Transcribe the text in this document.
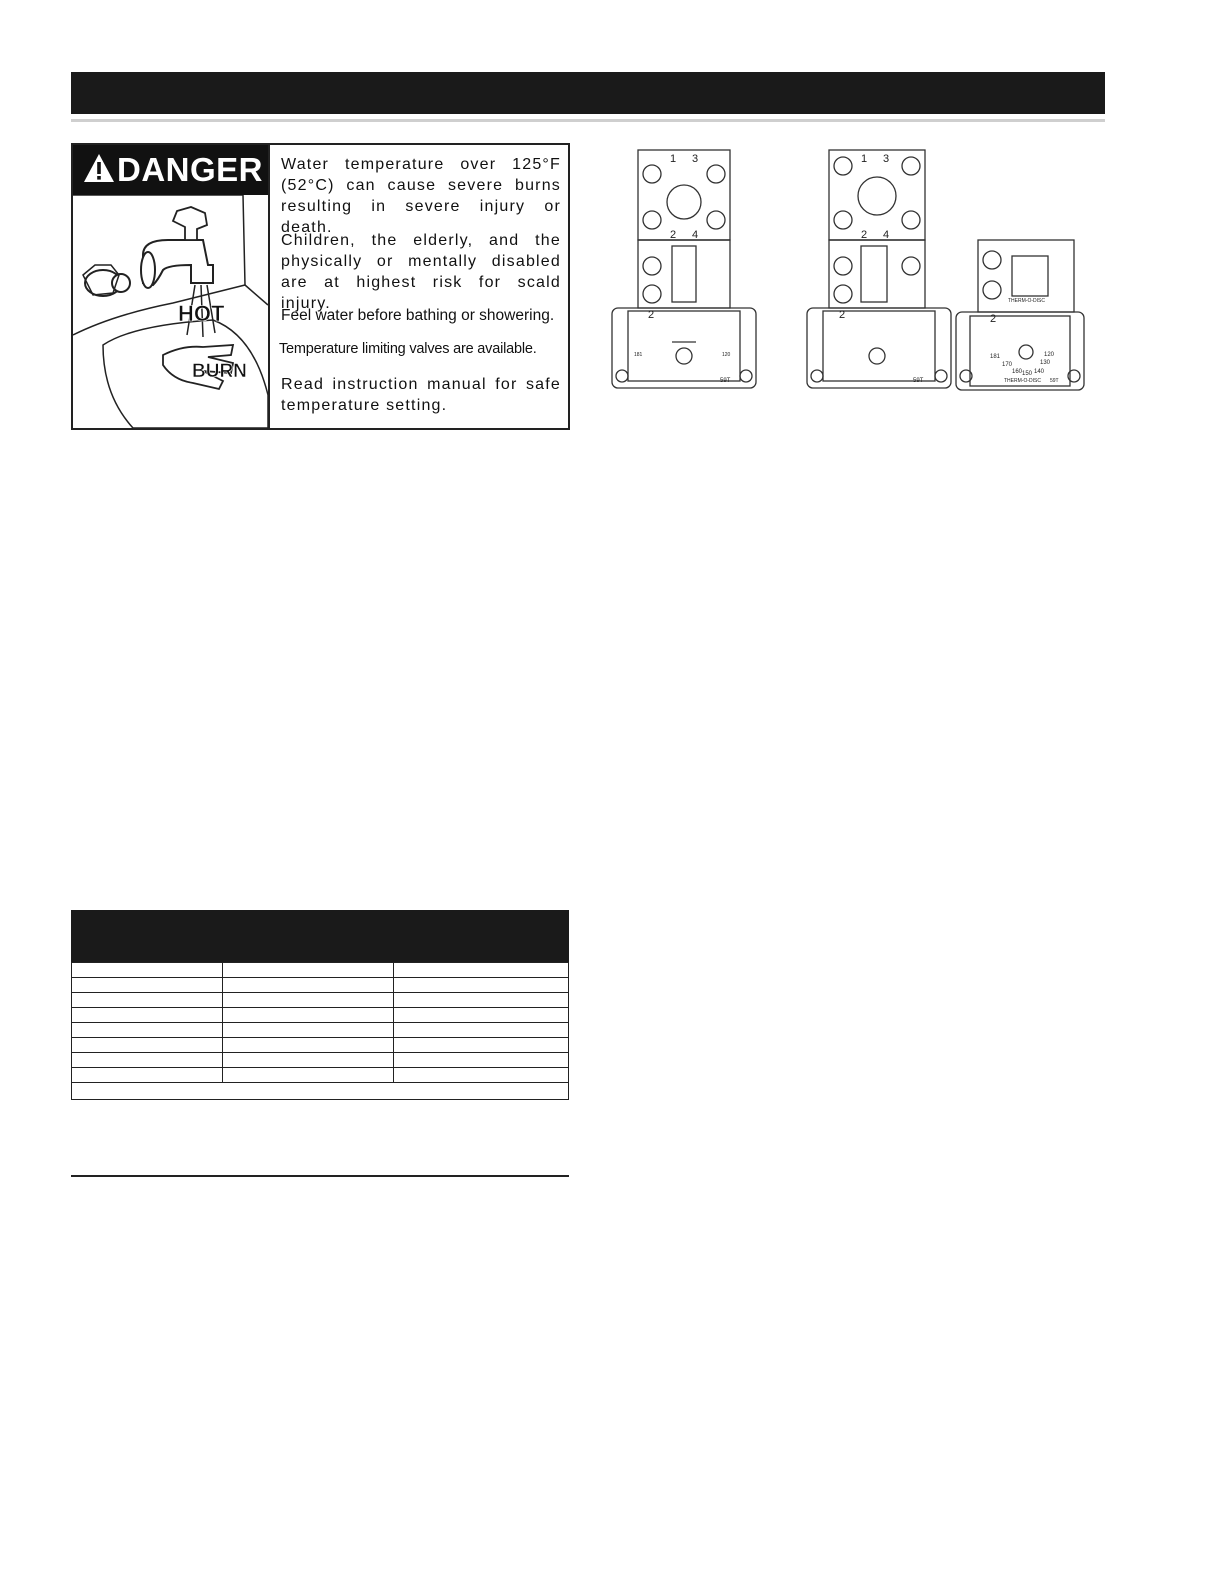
DANGER
HOT
BURN
Water temperature over 125°F (52°C) can cause severe burns resulting in severe injury or death.
Children, the elderly, and the physically or mentally disabled are at highest risk for scald injury.
Feel water before bathing or showering.
Temperature limiting valves are available.
Read instruction manual for safe temperature setting.
1 3
2 4
2
59T
181	120
1 3
2 4
2
59T
2
THERM-O-DISC
181
170
160 150 140
130
120
THERM-O-DISC 59T
